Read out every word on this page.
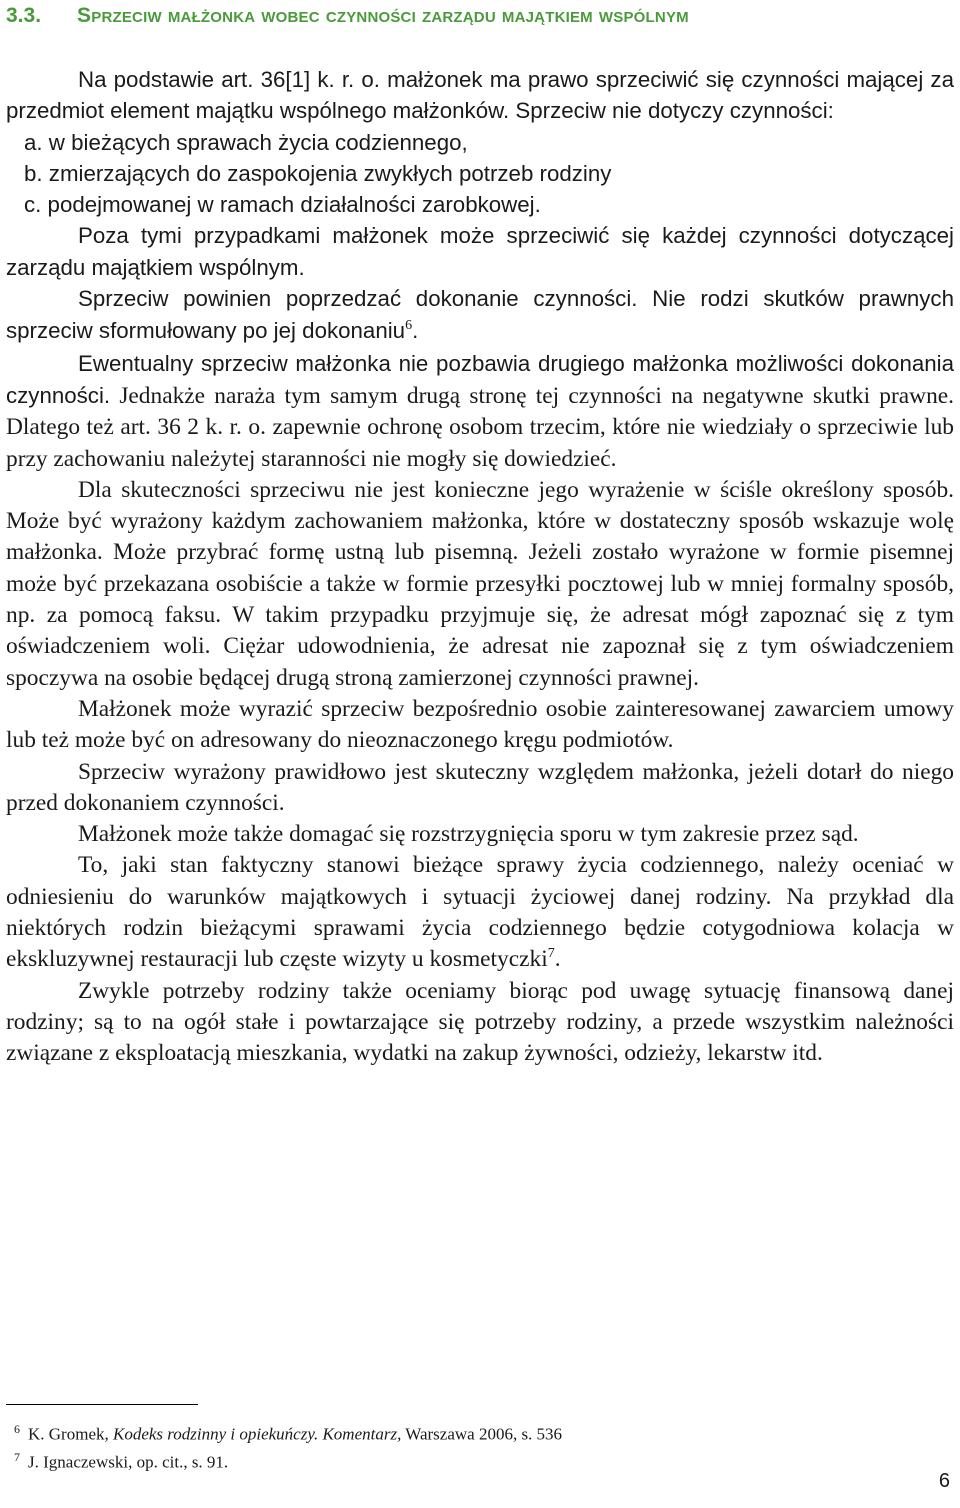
3.3. Sprzeciw małżonka wobec czynności zarządu majątkiem wspólnym

Na podstawie art. 36[1] k. r. o. małżonek ma prawo sprzeciwić się czynności mającej za przedmiot element majątku wspólnego małżonków. Sprzeciw nie dotyczy czynności:

a. w bieżących sprawach życia codziennego,

b. zmierzających do zaspokojenia zwykłych potrzeb rodziny

c. podejmowanej w ramach działalności zarobkowej.

Poza tymi przypadkami małżonek może sprzeciwić się każdej czynności dotyczącej zarządu majątkiem wspólnym.

Sprzeciw powinien poprzedzać dokonanie czynności. Nie rodzi skutków prawnych sprzeciw sformułowany po jej dokonaniu$^6$.

Ewentualny sprzeciw małżonka nie pozbawia drugiego małżonka możliwości dokonania czynności. Jednakże naraża tym samym drugą stronę tej czynności na negatywne skutki prawne. Dlatego też art. 36 2 k. r. o. zapewnie ochronę osobom trzecim, które nie wiedziały o sprzeciwie lub przy zachowaniu należytej staranności nie mogły się dowiedzieć.

Dla skuteczności sprzeciwu nie jest konieczne jego wyrażenie w ściśle określony sposób. Może być wyrażony każdym zachowaniem małżonka, które w dostateczny sposób wskazuje wolę małżonka. Może przybrać formę ustną lub pisemną. Jeżeli zostało wyrażone w formie pisemnej może być przekazana osobiście a także w formie przesyłki pocztowej lub w mniej formalny sposób, np. za pomocą faksu. W takim przypadku przyjmuje się, że adresat mógł zapoznać się z tym oświadczeniem woli. Ciężar udowodnienia, że adresat nie zapoznał się z tym oświadczeniem spoczywa na osobie będącej drugą stroną zamierzonej czynności prawnej.

Małżonek może wyrazić sprzeciw bezpośrednio osobie zainteresowanej zawarciem umowy lub też może być on adresowany do nieoznaczonego kręgu podmiotów.

Sprzeciw wyrażony prawidłowo jest skuteczny względem małżonka, jeżeli dotarł do niego przed dokonaniem czynności.

Małżonek może także domagać się rozstrzygnięcia sporu w tym zakresie przez sąd.

To, jaki stan faktyczny stanowi bieżące sprawy życia codziennego, należy oceniać w odniesieniu do warunków majątkowych i sytuacji życiowej danej rodziny. Na przykład dla niektórych rodzin bieżącymi sprawami życia codziennego będzie cotygodniowa kolacja w ekskluzywnej restauracji lub częste wizyty u kosmetyczki$^7$.

Zwykle potrzeby rodziny także oceniamy biorąc pod uwagę sytuację finansową danej rodziny; są to na ogół stałe i powtarzające się potrzeby rodziny, a przede wszystkim należności związane z eksploatacją mieszkania, wydatki na zakup żywności, odzieży, lekarstw itd.

$^6$ K. Gromek, Kodeks rodzinny i opiekuńczy. Komentarz, Warszawa 2006, s. 536

$^7$ J. Ignaczewski, op. cit., s. 91.

6
